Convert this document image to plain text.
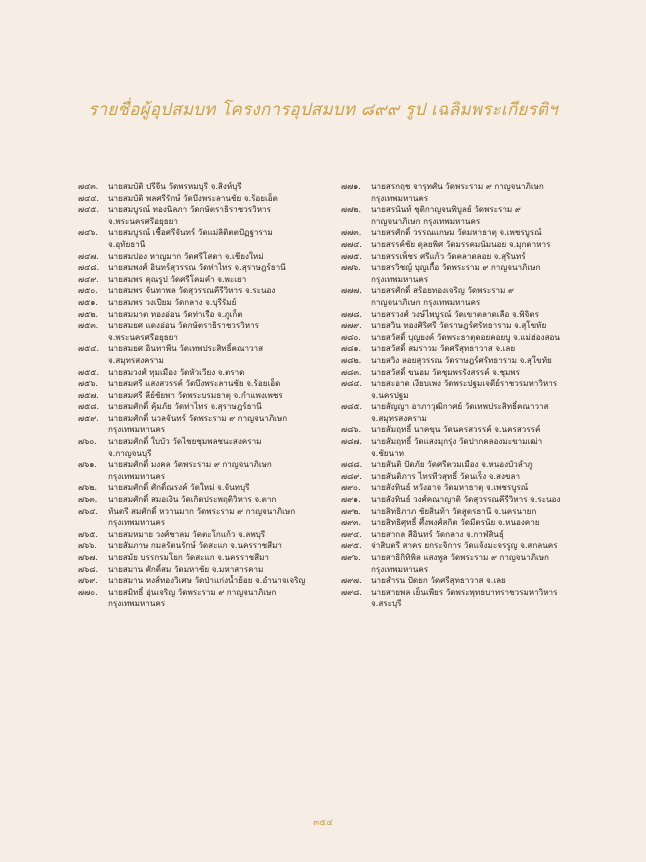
รายชื่อผู้อุปสมบท โครงการอุปสมบท ๘๙๙ รูป เฉลิมพระเกียรติฯ
๗๔๓.	นายสมบัติ ปรีจีน วัดพรหมบุรี จ.สิงห์บุรี
๗๔๔.	นายสมบัติ พลศรีรักษ์ วัดบึงพระลานชัย จ.ร้อยเอ็ด
๗๔๕.	นายสมบูรณ์ ทองนิลภา วัดกษัตราธิราชวรวิหาร
จ.พระนครศรีอยุธยา
๗๔๖.	นายสมบูรณ์ เชื้อศรีจันทร์ วัดแม่ลิดิตตปัฏฐาราม
จ.อุทัยธานี
๗๔๗.	นายสมปอง หาญมาก วัดศรีโสดา จ.เชียงใหม่
๗๔๘.	นายสมพงศ์ อินทร์สุวรรณ วัดท่าไทร จ.สุราษฎร์ธานี
๗๔๙.	นายสมพร คุณรูป วัดศรีโคมคำ จ.พะเยา
๗๕๐.	นายสมพร จันทาพล วัดสุวรรณคีรีวิหาร จ.ระนอง
๗๕๑.	นายสมพร วงเปียม วัดกลาง จ.บุรีรัมย์
๗๕๒.	นายสมมาต ทองอ่อน วัดท่าเรือ จ.ภูเก็ต
๗๕๓.	นายสมยศ แดงอ่อน วัดกษัตราธิราชวรวิหาร
จ.พระนครศรีอยุธยา
๗๕๔.	นายสมยศ อินทาพีน วัดเทพประสิทธิ์คณาวาส
จ.สมุทรสงคราม
๗๕๕.	นายสมวงศ์ ทุมเมือง วัดหัวเวียง จ.ตราด
๗๕๖.	นายสมศรี แสงสวรรค์ วัดบึงพระลานชัย จ.ร้อยเอ็ด
๗๕๗.	นายสมศรี ลีย์ชัยพา วัดพระบรมธาตุ จ.กำแพงเพชร
๗๕๘.	นายสมศักดิ์ คุ้มภัย วัดท่าไทร จ.สุราษฎร์ธานี
๗๕๙.	นายสมศักดิ์ นวลจันทร์ วัดพระราม ๙ กาญจนาภิเษก
กรุงเทพมหานคร
๗๖๐.	นายสมศักดิ์ ใบบัว วัดไชยชุมพลชนะสงคราม
จ.กาญจนบุรี
๗๖๑.	นายสมศักดิ์ มงคล วัดพระราม ๙ กาญจนาภิเษก
กรุงเทพมหานคร
๗๖๒.	นายสมศักดิ์ ศักดิ์ณรงค์ วัดใหม่ จ.จันทบุรี
๗๖๓.	นายสมศักดิ์ สมอเงิน วัดเกิดประพฤติวิหาร จ.ตาก
๗๖๔.	ทันตรี สมศักดิ์ หวานมาก วัดพระราม ๙ กาญจนาภิเษก
กรุงเทพมหานคร
๗๖๕.	นายสมหมาย วงศ์ชาลม วัดตะโกแก้ว จ.ลพบุรี
๗๖๖.	นายสัมภาษ กมลรัตนรักษ์ วัดสะแก จ.นครราชสีมา
๗๖๗.	นายสมัย บรรกรมโยก วัดสะแก จ.นครราชสีมา
๗๖๘.	นายสมาน ศักดิ์สม วัดมหาชัย จ.มหาสารคาม
๗๖๙.	นายสมาน หงส์ทองวิเศษ วัดป่าแก่งน้ำย้อย จ.อำนาจเจริญ
๗๗๐.	นายสมิทธิ์ อุ่นเจริญ วัดพระราม ๙ กาญจนาภิเษก
กรุงเทพมหานคร
๗๗๑.	นายสรกฤช จารุทศัน วัดพระราม ๙ กาญจนาภิเษก
กรุงเทพมหานคร
๗๗๒.	นายสรนันท์ ชุติกาญจนพิบูลย์ วัดพระราม ๙
กาญจนาภิเษก กรุงเทพมหานคร
๗๗๓.	นายสรศักดิ์ วรรณแกษม วัดมหาธาตุ จ.เพชรบูรณ์
๗๗๔.	นายสรรค์ชัย ดุลยพิศ วัดมรรคมนัมนอย จ.มุกดาหาร
๗๗๕.	นายสรรเพ็ชร ศรีแก้ว วัดคลาดลอย จ.สุรินทร์
๗๗๖.	นายสรวิชญ์ บุญเกื้อ วัดพระราม ๙ กาญจนาภิเษก
กรุงเทพมหานคร
๗๗๗.	นายสรศักดิ์ สร้อยทองเจริญ วัดพระราม ๙
กาญจนาภิเษก กรุงเทพมหานคร
๗๗๘.	นายสรวงศ์ วงษ์ไพบูรณ์ วัดเขาตลาดเลือ จ.พิจิตร
๗๗๙.	นายสวิน ทองศิริศรี วัดราษฎร์ศรัทธาราม จ.สุโขทัย
๗๘๐.	นายสวัสดิ์ บุญยงค์ วัดพระธาตุดอยคอยบู จ.แม่ฮ่องสอน
๗๘๑.	นายสวัสดิ์ สมราวม วัดศรีสุทธาวาส จ.เลย
๗๘๒.	นายสวิง ลอยสุวรรณ วัดราษฎร์ศรัทธาราม จ.สุโขทัย
๗๘๓.	นายสวัสดิ์ ขนอม วัดชุมพรรังสรรค์ จ.ชุมพร
๗๘๔.	นายสะอาด เงียบเพง วัดพระปฐมเจดีย์ราชวรมหาวิหาร
จ.นครปฐม
๗๘๕.	นายสัญญา อาภาวุฒิกาศย์ วัดเทพประสิทธิ์คณาวาส
จ.สมุทรสงคราม
๗๘๖.	นายสัมฤทธิ์ นาคขุน วัดนครสวรรค์ จ.นครสวรรค์
๗๘๗.	นายสัมฤทธิ์ วัดแสงมุกรุ่ง วัดปากคลองมะขามเฒ่า
จ.ชัยนาท
๗๘๘.	นายสันติ ปัดภัย วัดศรีตวมเมือง จ.หนองบัวลำภู
๗๘๙.	นายสันติภาร ไทรทีวสุทธิ์ วัดนเร็ง จ.สงขลา
๗๙๐.	นายสังทินธ์ หวังอาจ วัดมหาธาตุ จ.เพชรบูรณ์
๗๙๑.	นายสังทินธ์ วงศ์คณาญาติ วัดสุวรรณคีรีวิหาร จ.ระนอง
๗๙๒.	นายสิทธิภาภ ชัยสิ่นท้า วัดสูตรธานี จ.นครนายก
๗๙๓.	นายสิทธิศุทธิ์ ศึ้งพงศ์สกิต วัดมีตรนัย จ.หนองคาย
๗๙๔.	นายสากล สีอินทร์ วัดกลาง จ.กาฬสินธุ์
๗๙๕.	จ่าสิบตรี สาคร ยกระจิการ วัดแจ้งมะจรรูญ จ.สกลนคร
๗๙๖.	นายสาธิกิทิพิล แสงพูล วัดพระราม ๙ กาญจนาภิเษก
กรุงเทพมหานคร
๗๙๗.	นายสำรน ปัดยก วัดศรีสุทธาวาส จ.เลย
๗๙๘.	นายสายพล เย็นเพียร วัดพระพุทธบาทราชวรมหาวิหาร
จ.สระบุรี
๓๕๔
